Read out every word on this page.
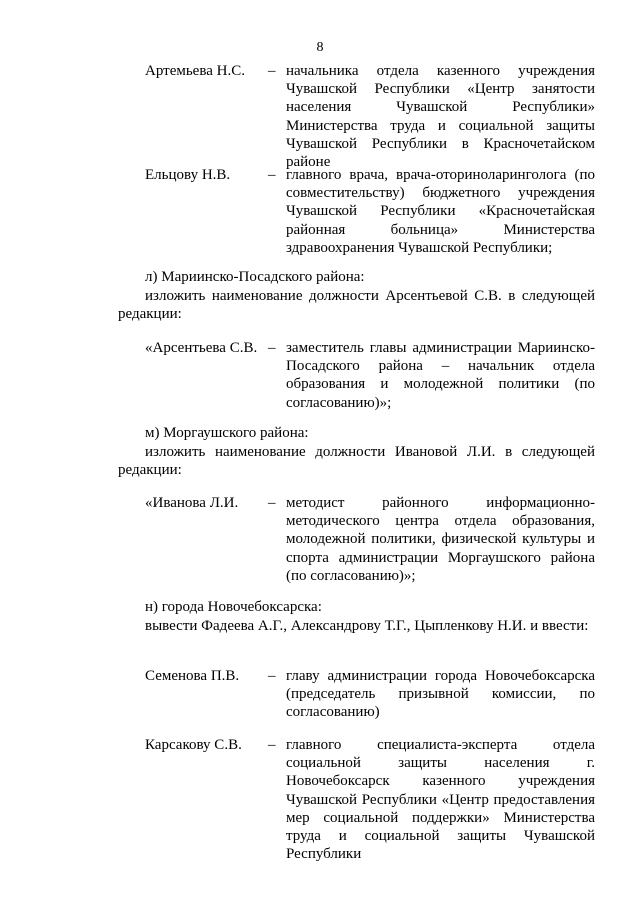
8
Артемьева Н.С. – начальника отдела казенного учреждения Чувашской Республики «Центр занятости населения Чувашской Республики» Министерства труда и социальной защиты Чувашской Республики в Красночетайском районе
Ельцову Н.В.	– главного врача, врача-оториноларинголога (по совместительству) бюджетного учреждения Чувашской Республики «Красночетайская районная больница» Министерства здравоохранения Чувашской Республики;
л) Мариинско-Посадского района:
изложить наименование должности Арсентьевой С.В. в следующей редакции:
«Арсентьева С.В. – заместитель главы администрации Мариинско-Посадского района – начальник отдела образования и молодежной политики (по согласованию)»;
м) Моргаушского района:
изложить наименование должности Ивановой Л.И. в следующей редакции:
«Иванова Л.И. – методист районного информационно-методического центра отдела образования, молодежной политики, физической культуры и спорта администрации Моргаушского района (по согласованию)»;
н) города Новочебоксарска:
вывести Фадеева А.Г., Александрову Т.Г., Цыпленкову Н.И. и ввести:
Семенова П.В. – главу администрации города Новочебоксарска (председатель призывной комиссии, по согласованию)
Карсакову С.В. – главного специалиста-эксперта отдела социальной защиты населения г. Новочебоксарск казенного учреждения Чувашской Республики «Центр предоставления мер социальной поддержки» Министерства труда и социальной защиты Чувашской Республики
